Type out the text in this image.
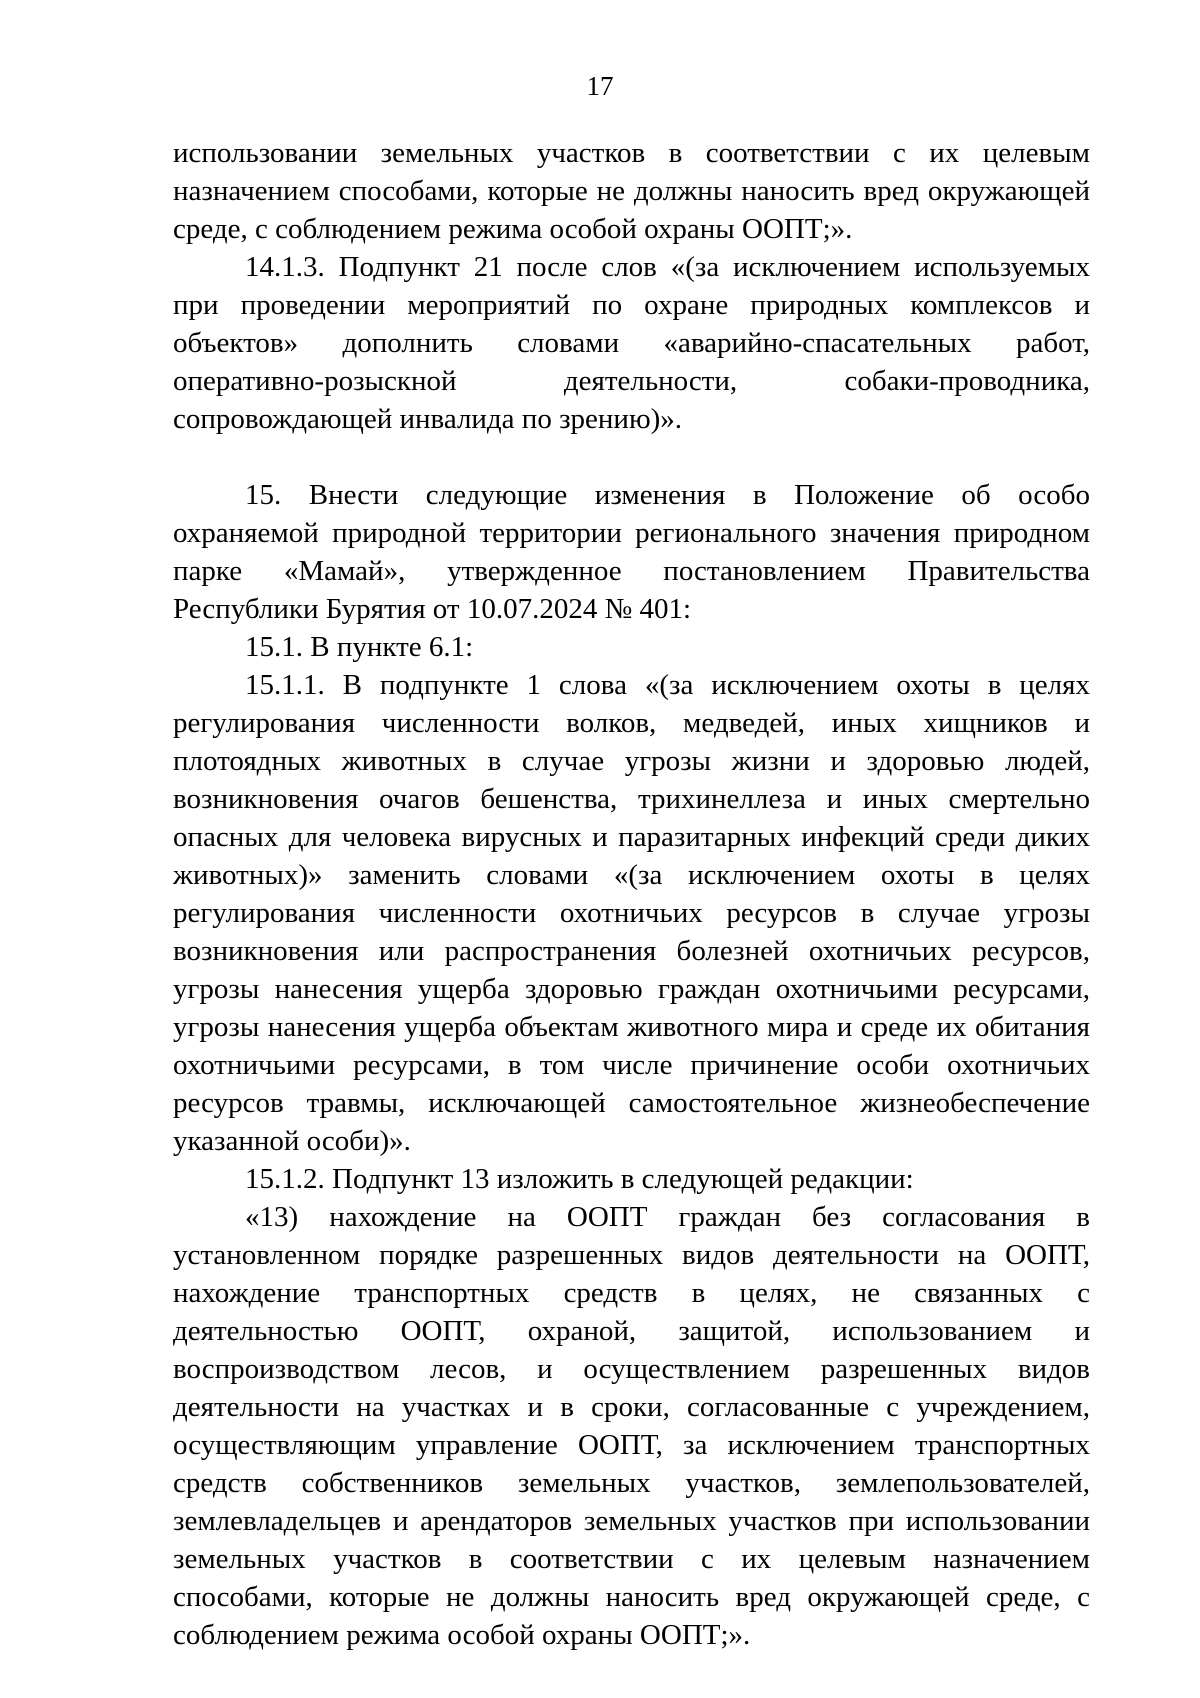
17

использовании земельных участков в соответствии с их целевым назначением способами, которые не должны наносить вред окружающей среде, с соблюдением режима особой охраны ООПТ;».

14.1.3. Подпункт 21 после слов «(за исключением используемых при проведении мероприятий по охране природных комплексов и объектов» дополнить словами «аварийно-спасательных работ, оперативно-розыскной деятельности, собаки-проводника, сопровождающей инвалида по зрению)».

15. Внести следующие изменения в Положение об особо охраняемой природной территории регионального значения природном парке «Мамай», утвержденное постановлением Правительства Республики Бурятия от 10.07.2024 № 401:

15.1. В пункте 6.1:

15.1.1. В подпункте 1 слова «(за исключением охоты в целях регулирования численности волков, медведей, иных хищников и плотоядных животных в случае угрозы жизни и здоровью людей, возникновения очагов бешенства, трихинеллеза и иных смертельно опасных для человека вирусных и паразитарных инфекций среди диких животных)» заменить словами «(за исключением охоты в целях регулирования численности охотничьих ресурсов в случае угрозы возникновения или распространения болезней охотничьих ресурсов, угрозы нанесения ущерба здоровью граждан охотничьими ресурсами, угрозы нанесения ущерба объектам животного мира и среде их обитания охотничьими ресурсами, в том числе причинение особи охотничьих ресурсов травмы, исключающей самостоятельное жизнеобеспечение указанной особи)».

15.1.2. Подпункт 13 изложить в следующей редакции:

«13) нахождение на ООПТ граждан без согласования в установленном порядке разрешенных видов деятельности на ООПТ, нахождение транспортных средств в целях, не связанных с деятельностью ООПТ, охраной, защитой, использованием и воспроизводством лесов, и осуществлением разрешенных видов деятельности на участках и в сроки, согласованные с учреждением, осуществляющим управление ООПТ, за исключением транспортных средств собственников земельных участков, землепользователей, землевладельцев и арендаторов земельных участков при использовании земельных участков в соответствии с их целевым назначением способами, которые не должны наносить вред окружающей среде, с соблюдением режима особой охраны ООПТ;».
